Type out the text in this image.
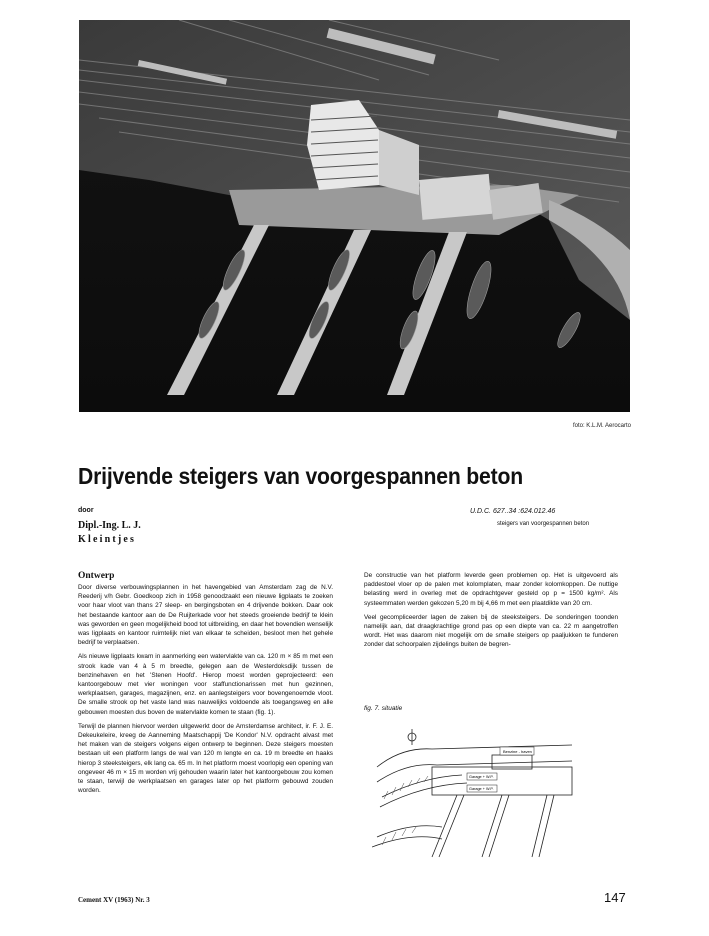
foto: K.L.M. Aerocarto
Drijvende steigers van voorgespannen beton
door	U.D.C. 627..34 :624.012.46
Dipl.-Ing. L. J.
Kleintjes
steigers van voorgespannen beton
Ontwerp

Door diverse verbouwingsplannen in het havengebied van Amsterdam zag de N.V. Reederij v/h Gebr. Goedkoop zich in 1958 genoodzaakt een nieuwe ligplaats te zoeken voor haar vloot van thans 27 sleep- en bergingsboten en 4 drijvende bokken. Daar ook het bestaande kantoor aan de De Ruijterkade voor het steeds groeiende bedrijf te klein was geworden en geen mogelijkheid bood tot uitbreiding, en daar het bovendien wenselijk was ligplaats en kantoor ruimtelijk niet van elkaar te scheiden, besloot men het gehele bedrijf te verplaatsen.

Als nieuwe ligplaats kwam in aanmerking een watervlakte van ca. 120 m × 85 m met een strook kade van 4 à 5 m breedte, gelegen aan de Westerdoksdijk tussen de benzinehaven en het 'Stenen Hoofd'. Hierop moest worden geprojecteerd: een kantoorgebouw met vier woningen voor staffunctionarissen met hun gezinnen, werkplaatsen, garages, magazijnen, enz. en aanlegsteigers voor bovengenoemde vloot. De smalle strook op het vaste land was nauwelijks voldoende als toegangsweg en alle gebouwen moesten dus boven de watervlakte komen te staan (fig. 1).

Terwijl de plannen hiervoor werden uitgewerkt door de Amsterdamse architect, ir. F. J. E. Dekeukeleire, kreeg de Aanneming Maatschappij 'De Kondor' N.V. opdracht alvast met het maken van de steigers volgens eigen ontwerp te beginnen. Deze steigers moesten bestaan uit een platform langs de wal van 120 m lengte en ca. 19 m breedte en haaks hierop 3 steeksteigers, elk lang ca. 65 m. In het platform moest voorlopig een opening van ongeveer 46 m × 15 m worden vrij gehouden waarin later het kantoorgebouw zou komen te staan, terwijl de werkplaatsen en garages later op het platform gebouwd zouden worden.

De constructie van het platform leverde geen problemen op. Het is uitgevoerd als paddestoel vloer op de palen met kolomplaten, maar zonder kolomkoppen. De nuttige belasting werd in overleg met de opdrachtgever gesteld op p = 1500 kg/m². Als systeemmaten werden gekozen 5,20 m bij 4,66 m met een plaatdikte van 20 cm.

Veel gecompliceerder lagen de zaken bij de steeksteigers. De sonderingen toonden namelijk aan, dat draagkrachtige grond pas op een diepte van ca. 22 m aangetroffen wordt. Het was daarom niet mogelijk om de smalle steigers op paaljukken te funderen zonder dat schoorpalen zijdelings buiten de begren-

fig. 7. situatie
Benzine - haven
Garage + W.P.
Garage + W.P.
Cement XV (1963) Nr. 3	147
